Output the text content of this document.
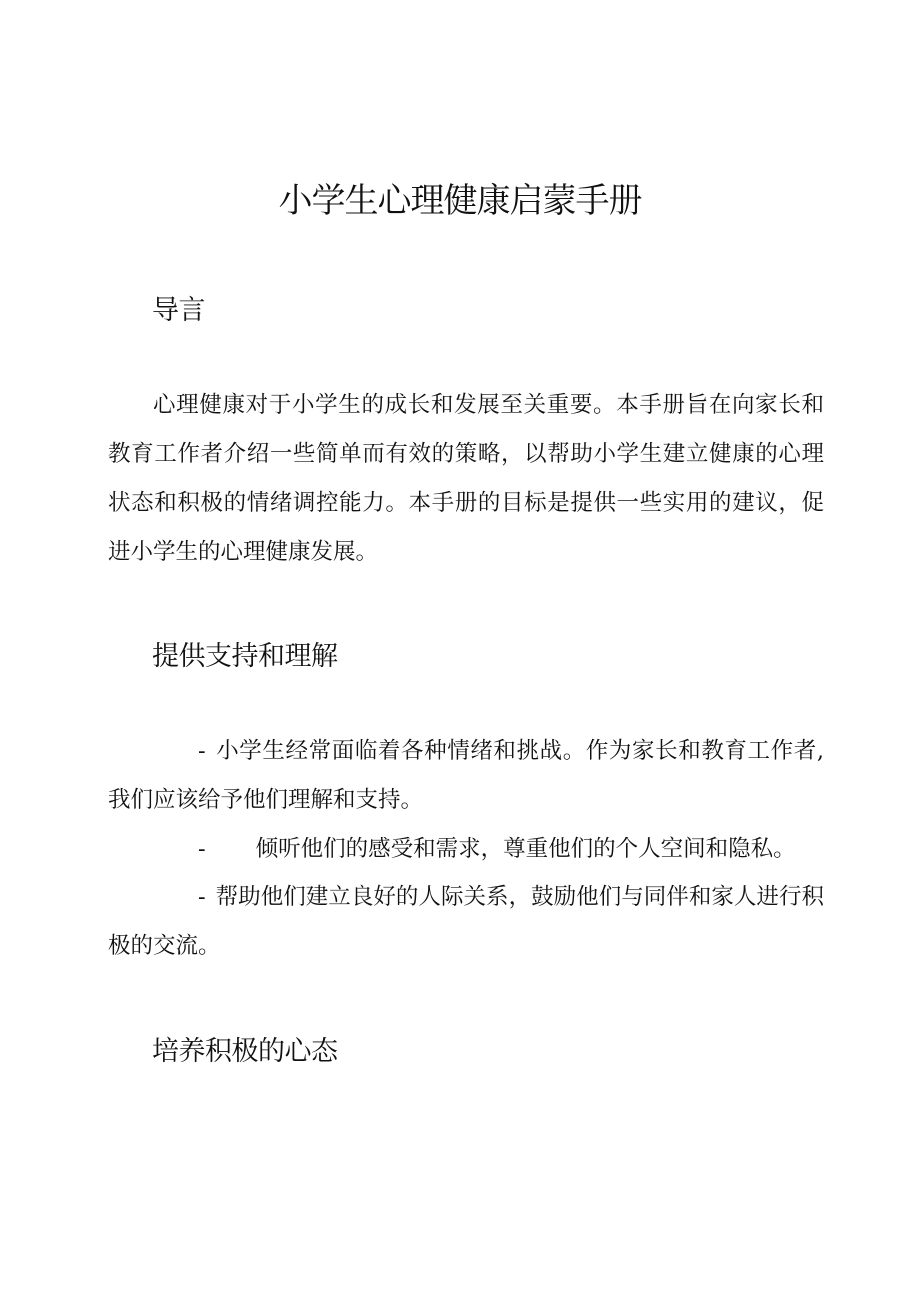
小学生心理健康启蒙手册
导言

心理健康对于小学生的成长和发展至关重要。本手册旨在向家长和教育工作者介绍一些简单而有效的策略，以帮助小学生建立健康的心理状态和积极的情绪调控能力。本手册的目标是提供一些实用的建议，促进小学生的心理健康发展。

提供支持和理解

- 小学生经常面临着各种情绪和挑战。作为家长和教育工作者,我们应该给予他们理解和支持。

- 倾听他们的感受和需求，尊重他们的个人空间和隐私。

- 帮助他们建立良好的人际关系，鼓励他们与同伴和家人进行积极的交流。

培养积极的心态
